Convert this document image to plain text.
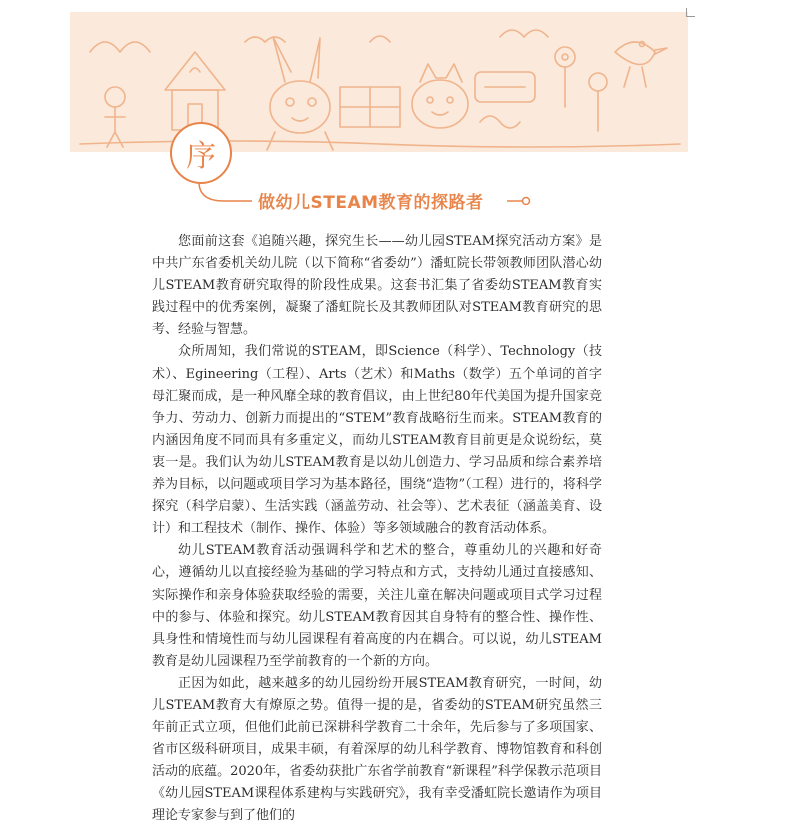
序
做幼儿STEAM教育的探路者

您面前这套《追随兴趣，探究生长——幼儿园STEAM探究活动方案》是中共广东省委机关幼儿院（以下简称“省委幼”）潘虹院长带领教师团队潜心幼儿STEAM教育研究取得的阶段性成果。这套书汇集了省委幼STEAM教育实践过程中的优秀案例，凝聚了潘虹院长及其教师团队对STEAM教育研究的思考、经验与智慧。

众所周知，我们常说的STEAM，即Science（科学）、Technology（技术）、Egineering（工程）、Arts（艺术）和Maths（数学）五个单词的首字母汇聚而成，是一种风靡全球的教育倡议，由上世纪80年代美国为提升国家竞争力、劳动力、创新力而提出的“STEM”教育战略衍生而来。STEAM教育的内涵因角度不同而具有多重定义，而幼儿STEAM教育目前更是众说纷纭，莫衷一是。我们认为幼儿STEAM教育是以幼儿创造力、学习品质和综合素养培养为目标，以问题或项目学习为基本路径，围绕“造物”（工程）进行的，将科学探究（科学启蒙）、生活实践（涵盖劳动、社会等）、艺术表征（涵盖美育、设计）和工程技术（制作、操作、体验）等多领域融合的教育活动体系。

幼儿STEAM教育活动强调科学和艺术的整合，尊重幼儿的兴趣和好奇心，遵循幼儿以直接经验为基础的学习特点和方式，支持幼儿通过直接感知、实际操作和亲身体验获取经验的需要，关注儿童在解决问题或项目式学习过程中的参与、体验和探究。幼儿STEAM教育因其自身特有的整合性、操作性、具身性和情境性而与幼儿园课程有着高度的内在耦合。可以说，幼儿STEAM教育是幼儿园课程乃至学前教育的一个新的方向。

正因为如此，越来越多的幼儿园纷纷开展STEAM教育研究，一时间，幼儿STEAM教育大有燎原之势。值得一提的是，省委幼的STEAM研究虽然三年前正式立项，但他们此前已深耕科学教育二十余年，先后参与了多项国家、省市区级科研项目，成果丰硕，有着深厚的幼儿科学教育、博物馆教育和科创活动的底蕴。2020年，省委幼获批广东省学前教育“新课程”科学保教示范项目《幼儿园STEAM课程体系建构与实践研究》，我有幸受潘虹院长邀请作为项目理论专家参与到了他们的
